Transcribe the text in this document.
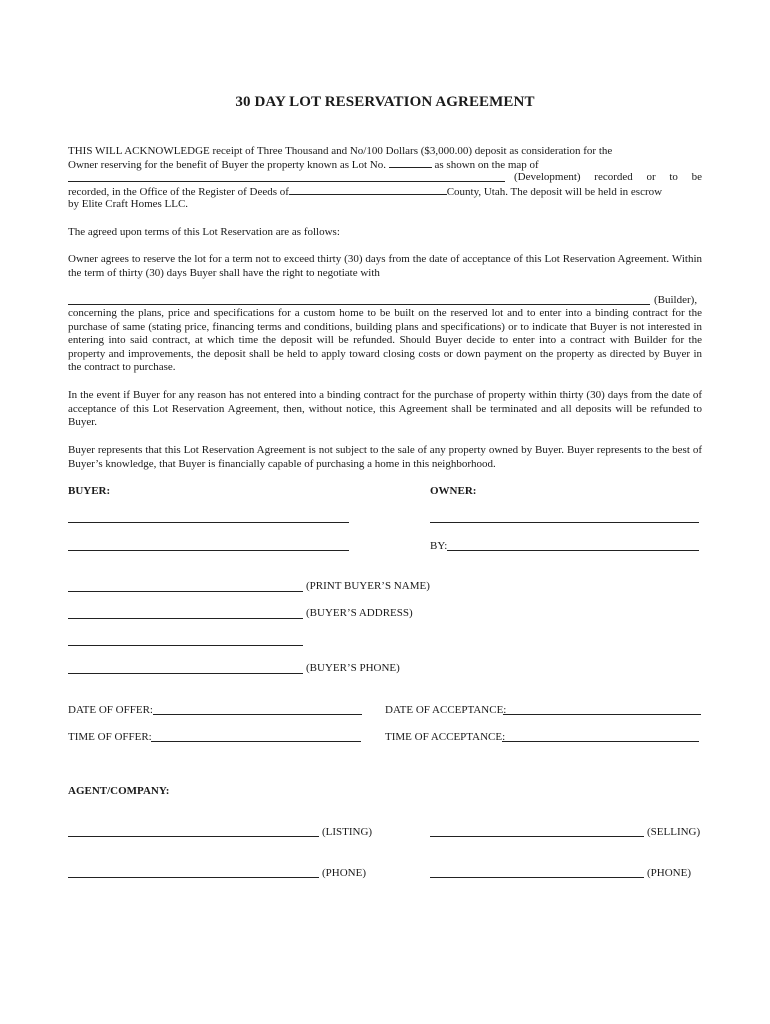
30 DAY LOT RESERVATION AGREEMENT
THIS WILL ACKNOWLEDGE receipt of Three Thousand and No/100 Dollars ($3,000.00) deposit as consideration for the
Owner reserving for the benefit of Buyer the property known as Lot No.	as shown on the map of
(Development) recorded or to be
recorded, in the Office of the Register of Deeds of	County, Utah. The deposit will be held in escrow
by Elite Craft Homes LLC.
The agreed upon terms of this Lot Reservation are as follows:
Owner agrees to reserve the lot for a term not to exceed thirty (30) days from the date of acceptance of this Lot Reservation Agreement. Within the term of thirty (30) days Buyer shall have the right to negotiate with
(Builder),
concerning the plans, price and specifications for a custom home to be built on the reserved lot and to enter into a binding contract for the purchase of same (stating price, financing terms and conditions, building plans and specifications) or to indicate that Buyer is not interested in entering into said contract, at which time the deposit will be refunded. Should Buyer decide to enter into a contract with Builder for the property and improvements, the deposit shall be held to apply toward closing costs or down payment on the property as directed by Buyer in the contract to purchase.
In the event if Buyer for any reason has not entered into a binding contract for the purchase of property within thirty (30) days from the date of acceptance of this Lot Reservation Agreement, then, without notice, this Agreement shall be terminated and all deposits will be refunded to Buyer.
Buyer represents that this Lot Reservation Agreement is not subject to the sale of any property owned by Buyer. Buyer represents to the best of Buyer’s knowledge, that Buyer is financially capable of purchasing a home in this neighborhood.
BUYER:	OWNER:
BY:
(PRINT BUYER’S NAME)
(BUYER’S ADDRESS)
(BUYER’S PHONE)
DATE OF OFFER:	DATE OF ACCEPTANCE:
TIME OF OFFER:	TIME OF ACCEPTANCE:
AGENT/COMPANY:
(LISTING)	(SELLING)
(PHONE)	(PHONE)
